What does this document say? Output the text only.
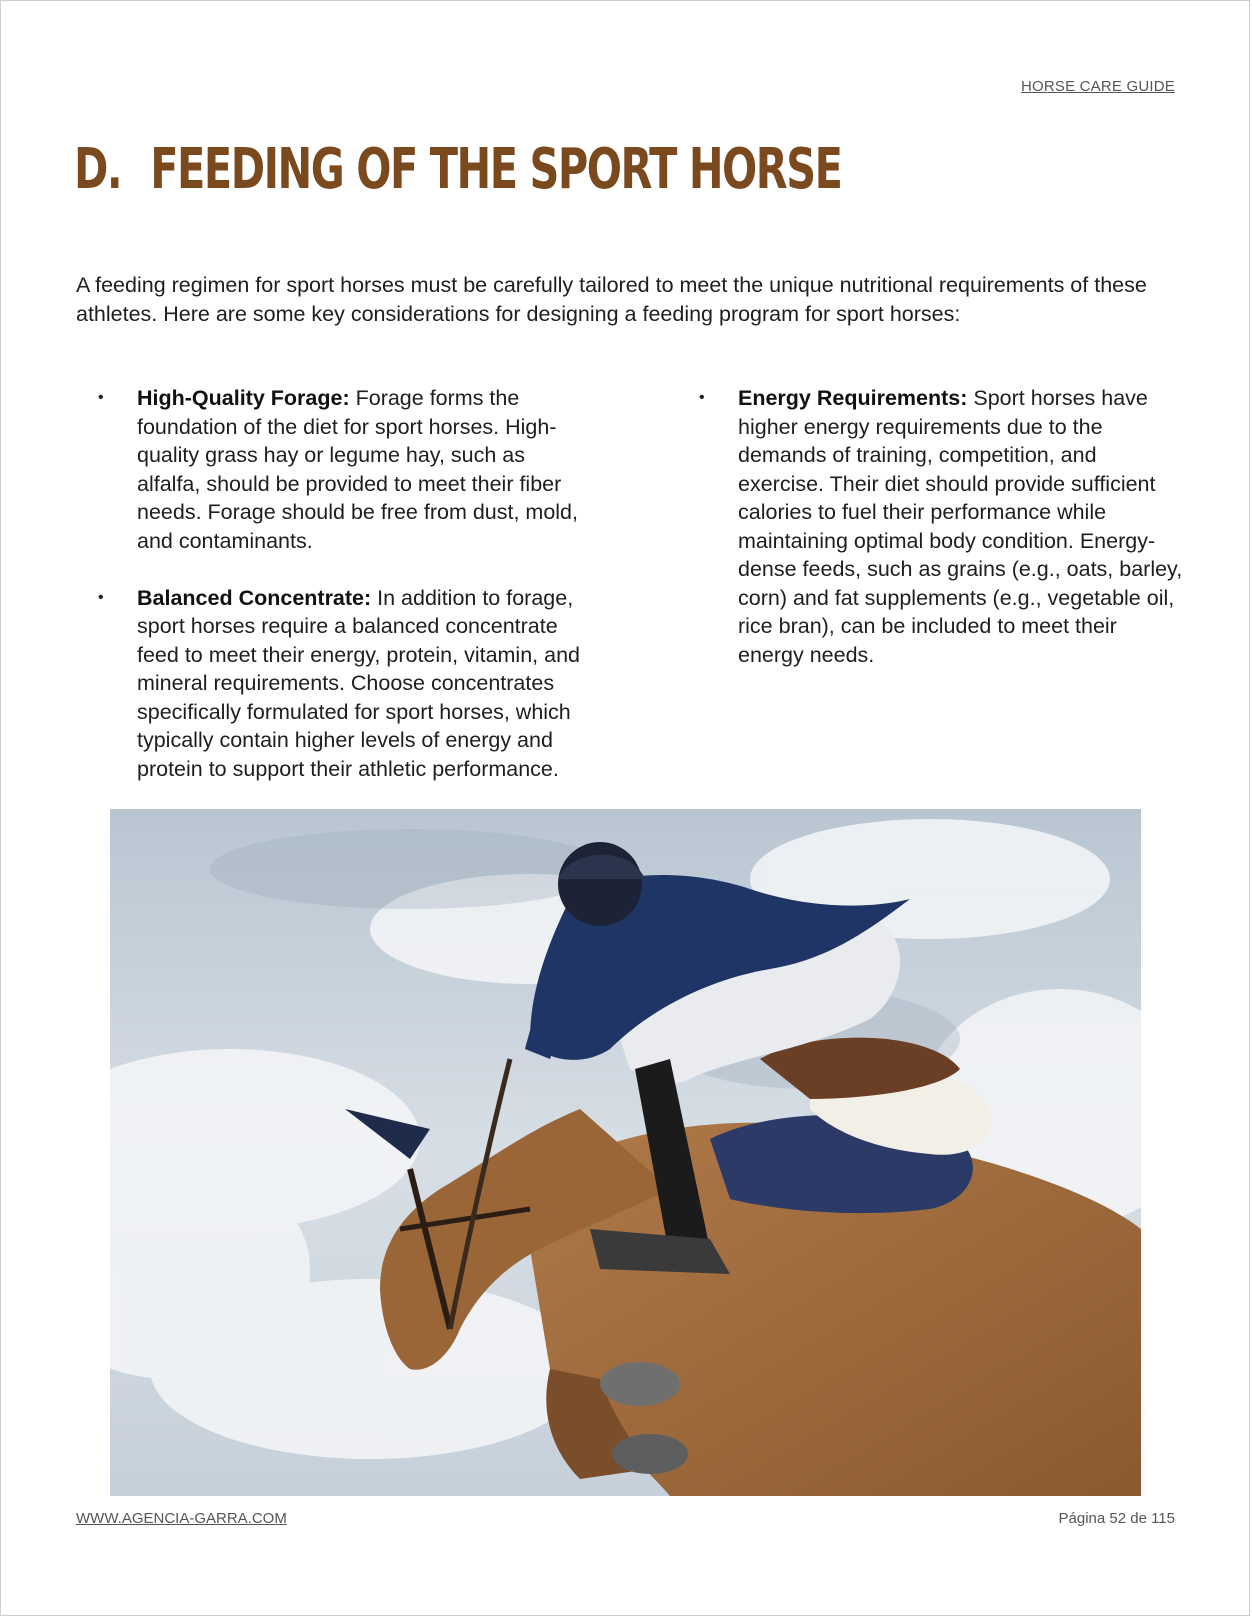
HORSE CARE GUIDE
D. FEEDING OF THE SPORT HORSE

A feeding regimen for sport horses must be carefully tailored to meet the unique nutritional requirements of these athletes. Here are some key considerations for designing a feeding program for sport horses:

• High-Quality Forage: Forage forms the foundation of the diet for sport horses. High-quality grass hay or legume hay, such as alfalfa, should be provided to meet their fiber needs. Forage should be free from dust, mold, and contaminants.

• Balanced Concentrate: In addition to forage, sport horses require a balanced concentrate feed to meet their energy, protein, vitamin, and mineral requirements. Choose concentrates specifically formulated for sport horses, which typically contain higher levels of energy and protein to support their athletic performance.

• Energy Requirements: Sport horses have higher energy requirements due to the demands of training, competition, and exercise. Their diet should provide sufficient calories to fuel their performance while maintaining optimal body condition. Energy-dense feeds, such as grains (e.g., oats, barley, corn) and fat supplements (e.g., vegetable oil, rice bran), can be included to meet their energy needs.

WWW.AGENCIA-GARRA.COM	Página 52 de 115
